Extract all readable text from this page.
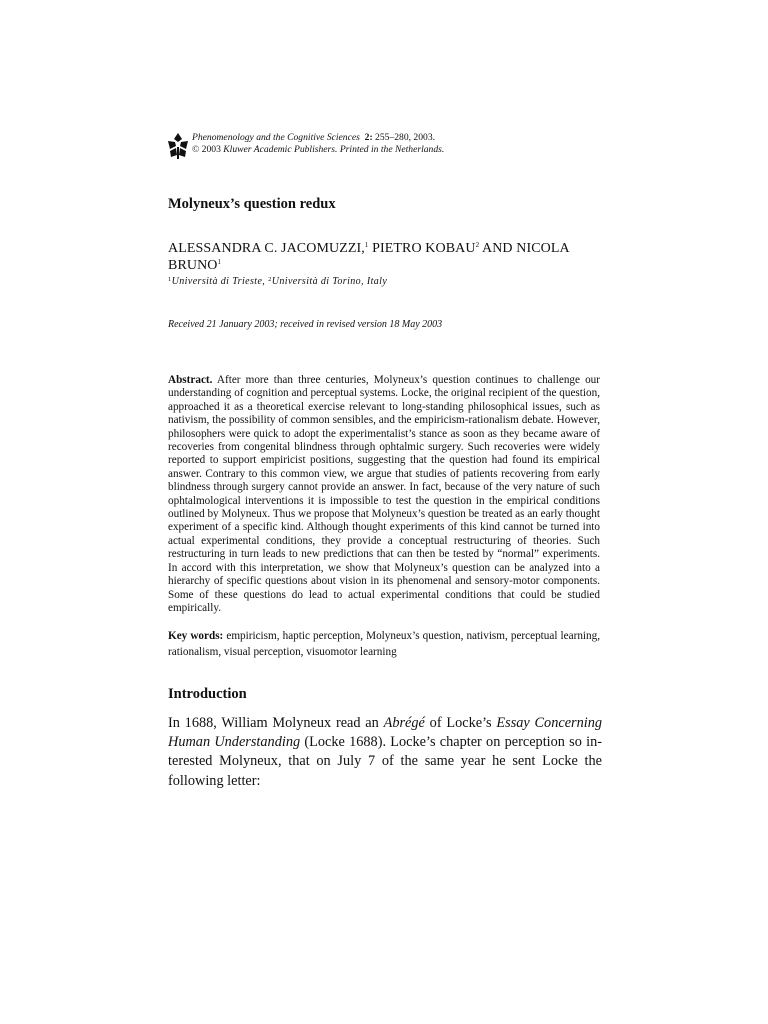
Phenomenology and the Cognitive Sciences 2: 255–280, 2003.
© 2003 Kluwer Academic Publishers. Printed in the Netherlands.
Molyneux’s question redux
ALESSANDRA C. JACOMUZZI,$^1$ PIETRO KOBAU$^2$ AND NICOLA BRUNO$^1$
$^1$Università di Trieste, $^2$Università di Torino, Italy
Received 21 January 2003; received in revised version 18 May 2003
Abstract. After more than three centuries, Molyneux’s question continues to challenge our understanding of cognition and perceptual systems. Locke, the original recipient of the question, approached it as a theoretical exercise relevant to long-standing philosophical issues, such as nativism, the possibility of common sensibles, and the empiricism-rationalism debate. However, philosophers were quick to adopt the experimentalist’s stance as soon as they became aware of recoveries from congenital blindness through ophtalmic surgery. Such recoveries were widely reported to support empiricist positions, suggesting that the question had found its empirical answer. Contrary to this common view, we argue that studies of patients recovering from early blindness through surgery cannot provide an answer. In fact, because of the very nature of such ophtalmological interventions it is impossible to test the question in the empirical conditions outlined by Molyneux. Thus we propose that Molyneux’s question be treated as an early thought experiment of a specific kind. Although thought experiments of this kind cannot be turned into actual experimental conditions, they provide a conceptual restructuring of theories. Such restructuring in turn leads to new predictions that can then be tested by “normal” experiments. In accord with this interpretation, we show that Molyneux’s question can be analyzed into a hierarchy of specific questions about vision in its phenomenal and sensory-motor components. Some of these questions do lead to actual experimental conditions that could be studied empirically.
Key words: empiricism, haptic perception, Molyneux’s question, nativism, perceptual learning, rationalism, visual perception, visuomotor learning
Introduction
In 1688, William Molyneux read an Abrégé of Locke’s Essay Concerning Human Understanding (Locke 1688). Locke’s chapter on perception so interested Molyneux, that on July 7 of the same year he sent Locke the following letter:
